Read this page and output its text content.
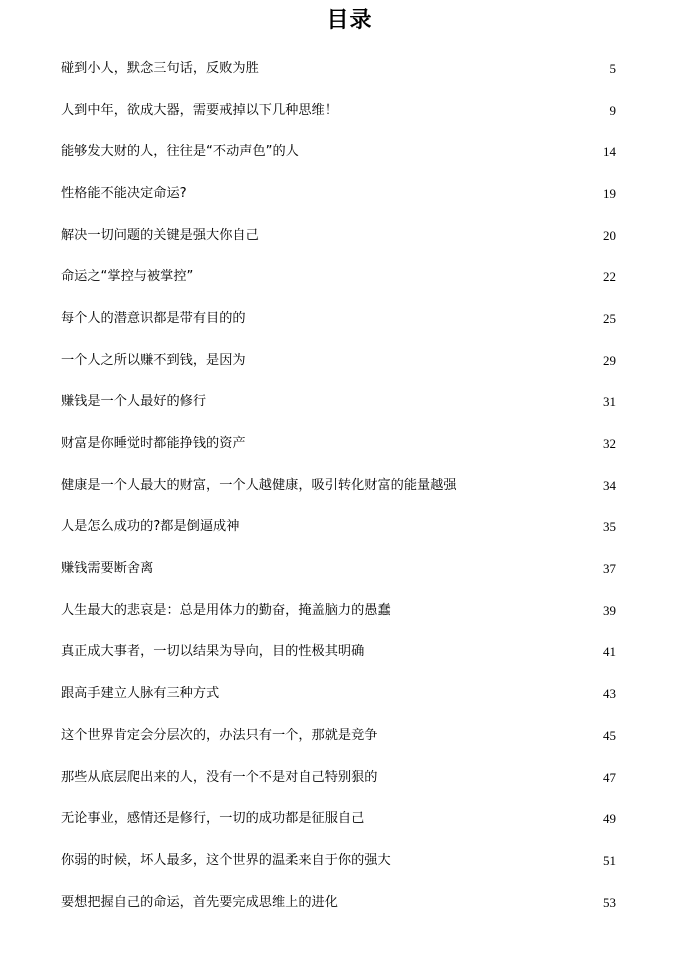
目录
碰到小人，默念三句话，反败为胜	5
人到中年，欲成大器，需要戒掉以下几种思维！	9
能够发大财的人，往往是“不动声色”的人	14
性格能不能决定命运?	19
解决一切问题的关键是强大你自己	20
命运之“掌控与被掌控”	22
每个人的潜意识都是带有目的的	25
一个人之所以赚不到钱，是因为	29
赚钱是一个人最好的修行	31
财富是你睡觉时都能挣钱的资产	32
健康是一个人最大的财富，一个人越健康，吸引转化财富的能量越强	34
人是怎么成功的?都是倒逼成神	35
赚钱需要断舍离	37
人生最大的悲哀是：总是用体力的勤奋，掩盖脑力的愚蠢	39
真正成大事者，一切以结果为导向，目的性极其明确	41
跟高手建立人脉有三种方式	43
这个世界肯定会分层次的，办法只有一个，那就是竞争	45
那些从底层爬出来的人，没有一个不是对自己特别狠的	47
无论事业，感情还是修行，一切的成功都是征服自己	49
你弱的时候，坏人最多，这个世界的温柔来自于你的强大	51
要想把握自己的命运，首先要完成思维上的进化	53
